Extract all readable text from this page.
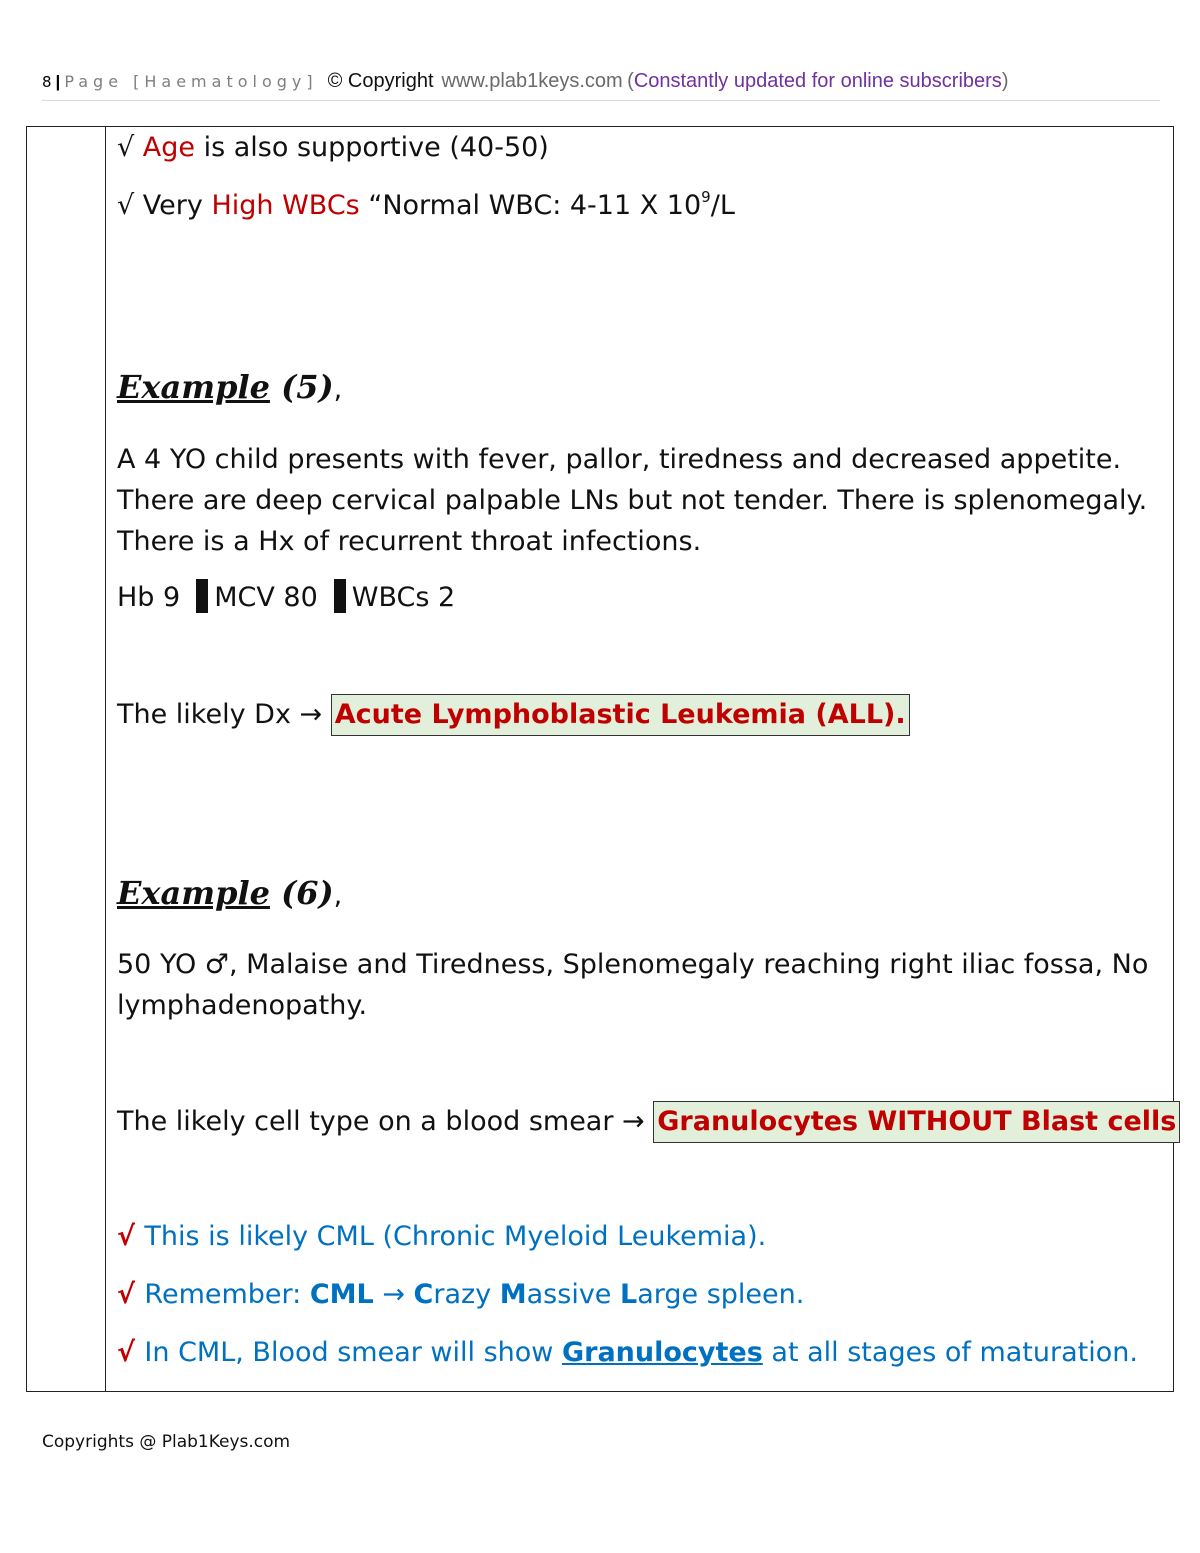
8 | Page [Haematology] © Copyright www.plab1keys.com (Constantly updated for online subscribers)
√ Age is also supportive (40-50)
√ Very High WBCs “Normal WBC: 4-11 X $10^9/L$
Example (5),
A 4 YO child presents with fever, pallor, tiredness and decreased appetite.
There are deep cervical palpable LNs but not tender. There is splenomegaly.
There is a Hx of recurrent throat infections.
Hb 9 MCV 80 WBCs 2
The likely Dx → Acute Lymphoblastic Leukemia (ALL).
Example (6),
50 YO ♂, Malaise and Tiredness, Splenomegaly reaching right iliac fossa, No
lymphadenopathy.
The likely cell type on a blood smear → Granulocytes WITHOUT Blast cells
√ This is likely CML (Chronic Myeloid Leukemia).
√ Remember: CML → Crazy Massive Large spleen.
√ In CML, Blood smear will show Granulocytes at all stages of maturation.
Copyrights @ Plab1Keys.com
